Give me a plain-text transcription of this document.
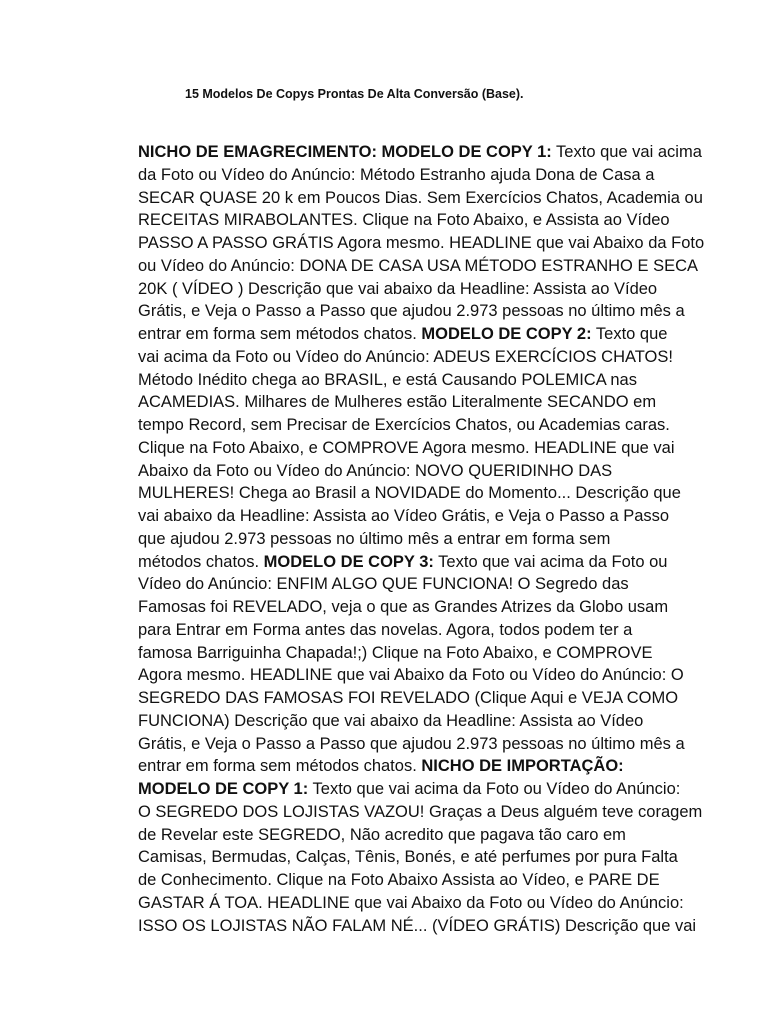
15 Modelos De Copys Prontas De Alta Conversão (Base).
NICHO DE EMAGRECIMENTO: MODELO DE COPY 1: Texto que vai acima
da Foto ou Vídeo do Anúncio: Método Estranho ajuda Dona de Casa a
SECAR QUASE 20 k em Poucos Dias. Sem Exercícios Chatos, Academia ou
RECEITAS MIRABOLANTES. Clique na Foto Abaixo, e Assista ao Vídeo
PASSO A PASSO GRÁTIS Agora mesmo. HEADLINE que vai Abaixo da Foto
ou Vídeo do Anúncio: DONA DE CASA USA MÉTODO ESTRANHO E SECA
20K ( VÍDEO ) Descrição que vai abaixo da Headline: Assista ao Vídeo
Grátis, e Veja o Passo a Passo que ajudou 2.973 pessoas no último mês a
entrar em forma sem métodos chatos. MODELO DE COPY 2: Texto que
vai acima da Foto ou Vídeo do Anúncio: ADEUS EXERCÍCIOS CHATOS!
Método Inédito chega ao BRASIL, e está Causando POLEMICA nas
ACAMEDIAS. Milhares de Mulheres estão Literalmente SECANDO em
tempo Record, sem Precisar de Exercícios Chatos, ou Academias caras.
Clique na Foto Abaixo, e COMPROVE Agora mesmo. HEADLINE que vai
Abaixo da Foto ou Vídeo do Anúncio: NOVO QUERIDINHO DAS
MULHERES! Chega ao Brasil a NOVIDADE do Momento... Descrição que
vai abaixo da Headline: Assista ao Vídeo Grátis, e Veja o Passo a Passo
que ajudou 2.973 pessoas no último mês a entrar em forma sem
métodos chatos. MODELO DE COPY 3: Texto que vai acima da Foto ou
Vídeo do Anúncio: ENFIM ALGO QUE FUNCIONA! O Segredo das
Famosas foi REVELADO, veja o que as Grandes Atrizes da Globo usam
para Entrar em Forma antes das novelas. Agora, todos podem ter a
famosa Barriguinha Chapada!;) Clique na Foto Abaixo, e COMPROVE
Agora mesmo. HEADLINE que vai Abaixo da Foto ou Vídeo do Anúncio: O
SEGREDO DAS FAMOSAS FOI REVELADO (Clique Aqui e VEJA COMO
FUNCIONA) Descrição que vai abaixo da Headline: Assista ao Vídeo
Grátis, e Veja o Passo a Passo que ajudou 2.973 pessoas no último mês a
entrar em forma sem métodos chatos. NICHO DE IMPORTAÇÃO:
MODELO DE COPY 1: Texto que vai acima da Foto ou Vídeo do Anúncio:
O SEGREDO DOS LOJISTAS VAZOU! Graças a Deus alguém teve coragem
de Revelar este SEGREDO, Não acredito que pagava tão caro em
Camisas, Bermudas, Calças, Tênis, Bonés, e até perfumes por pura Falta
de Conhecimento. Clique na Foto Abaixo Assista ao Vídeo, e PARE DE
GASTAR Á TOA. HEADLINE que vai Abaixo da Foto ou Vídeo do Anúncio:
ISSO OS LOJISTAS NÃO FALAM NÉ... (VÍDEO GRÁTIS) Descrição que vai
